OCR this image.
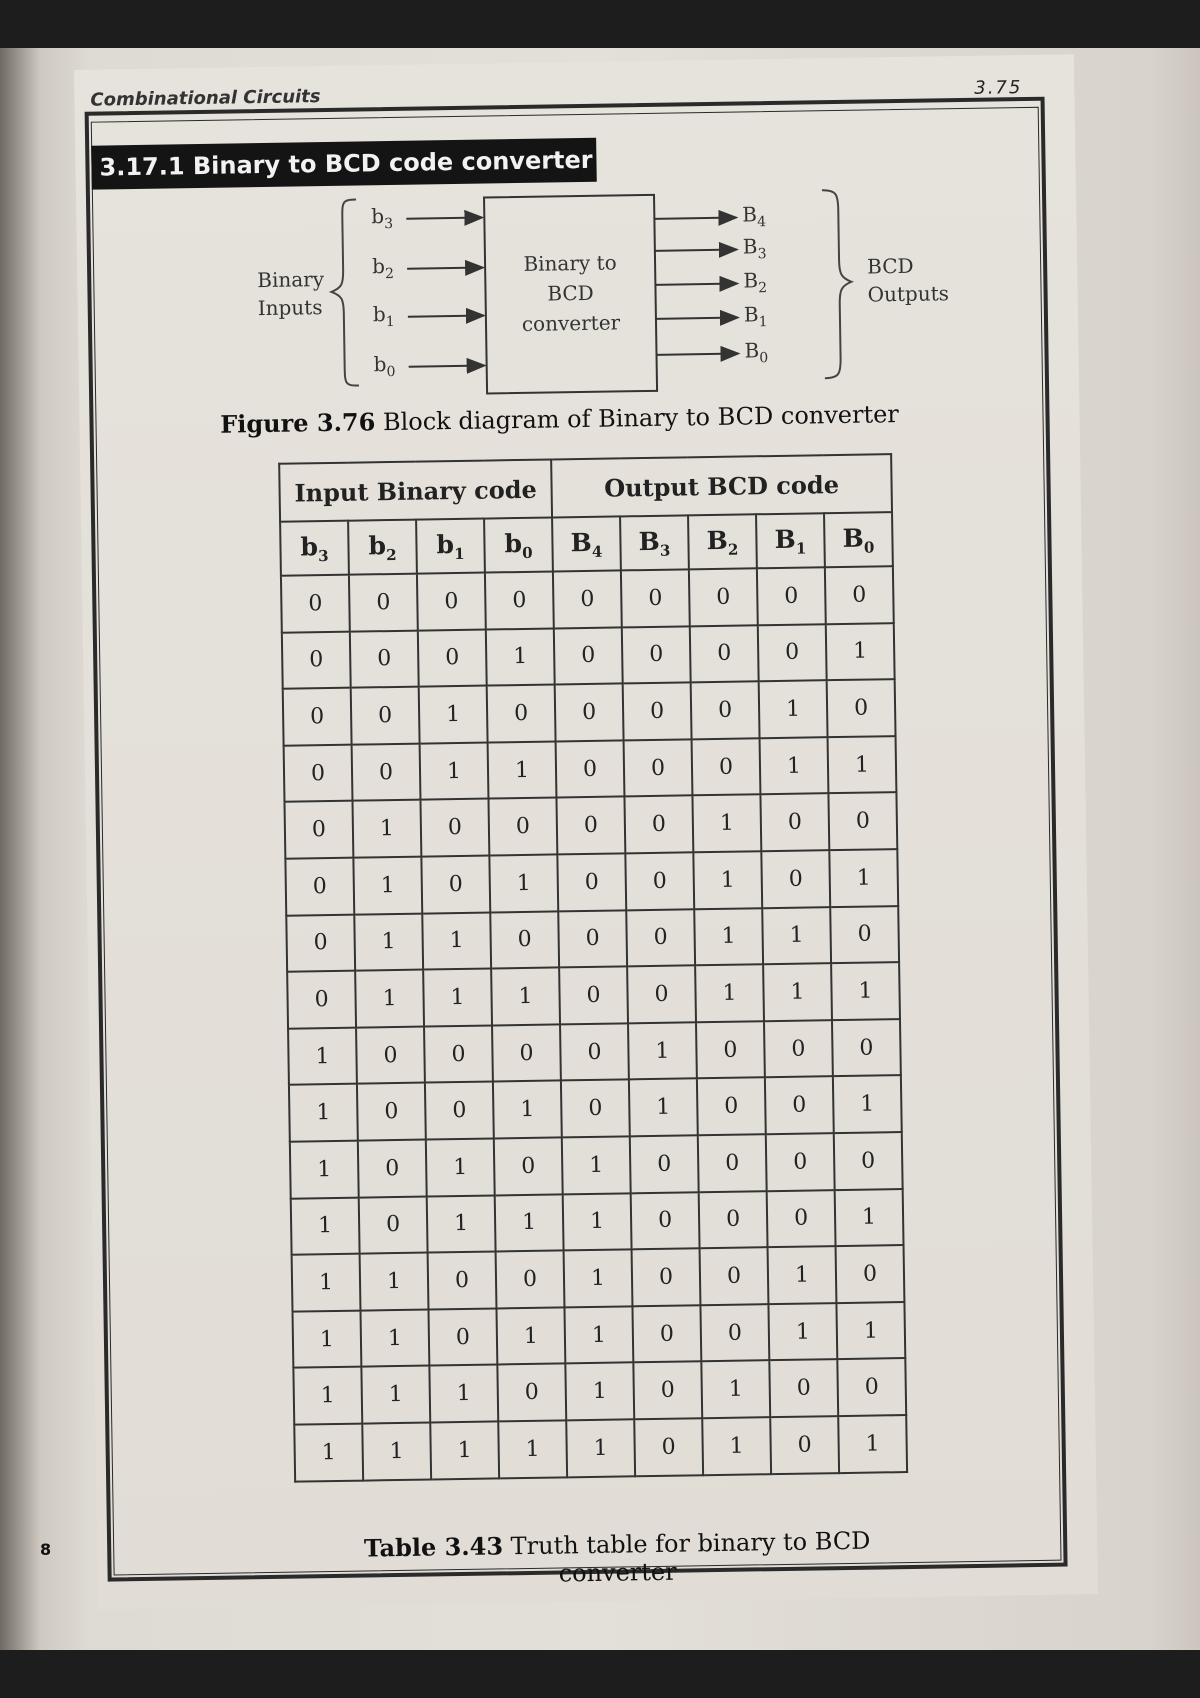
Combinational Circuits	3.75
3.17.1 Binary to BCD code converter
Binary
Inputs
$b_3$
$b_2$
$b_1$
$b_0$
Binary to
BCD
converter
$B_4$
$B_3$
$B_2$
$B_1$
$B_0$
BCD
Outputs
Figure 3.76 Block diagram of Binary to BCD converter
Input Binary code				Output BCD code				
$b_3$	$b_2$	$b_1$	$b_0$	$B_4$	$B_3$	$B_2$	$B_1$	$B_0$
0	0	0	0	0	0	0	0	0
0	0	0	1	0	0	0	0	1
0	0	1	0	0	0	0	1	0
0	0	1	1	0	0	0	1	1
0	1	0	0	0	0	1	0	0
0	1	0	1	0	0	1	0	1
0	1	1	0	0	0	1	1	0
0	1	1	1	0	0	1	1	1
1	0	0	0	0	1	0	0	0
1	0	0	1	0	1	0	0	1
1	0	1	0	1	0	0	0	0
1	0	1	1	1	0	0	0	1
1	1	0	0	1	0	0	1	0
1	1	0	1	1	0	0	1	1
1	1	1	0	1	0	1	0	0
1	1	1	1	1	0	1	0	1
Table 3.43 Truth table for binary to BCD converter
8
